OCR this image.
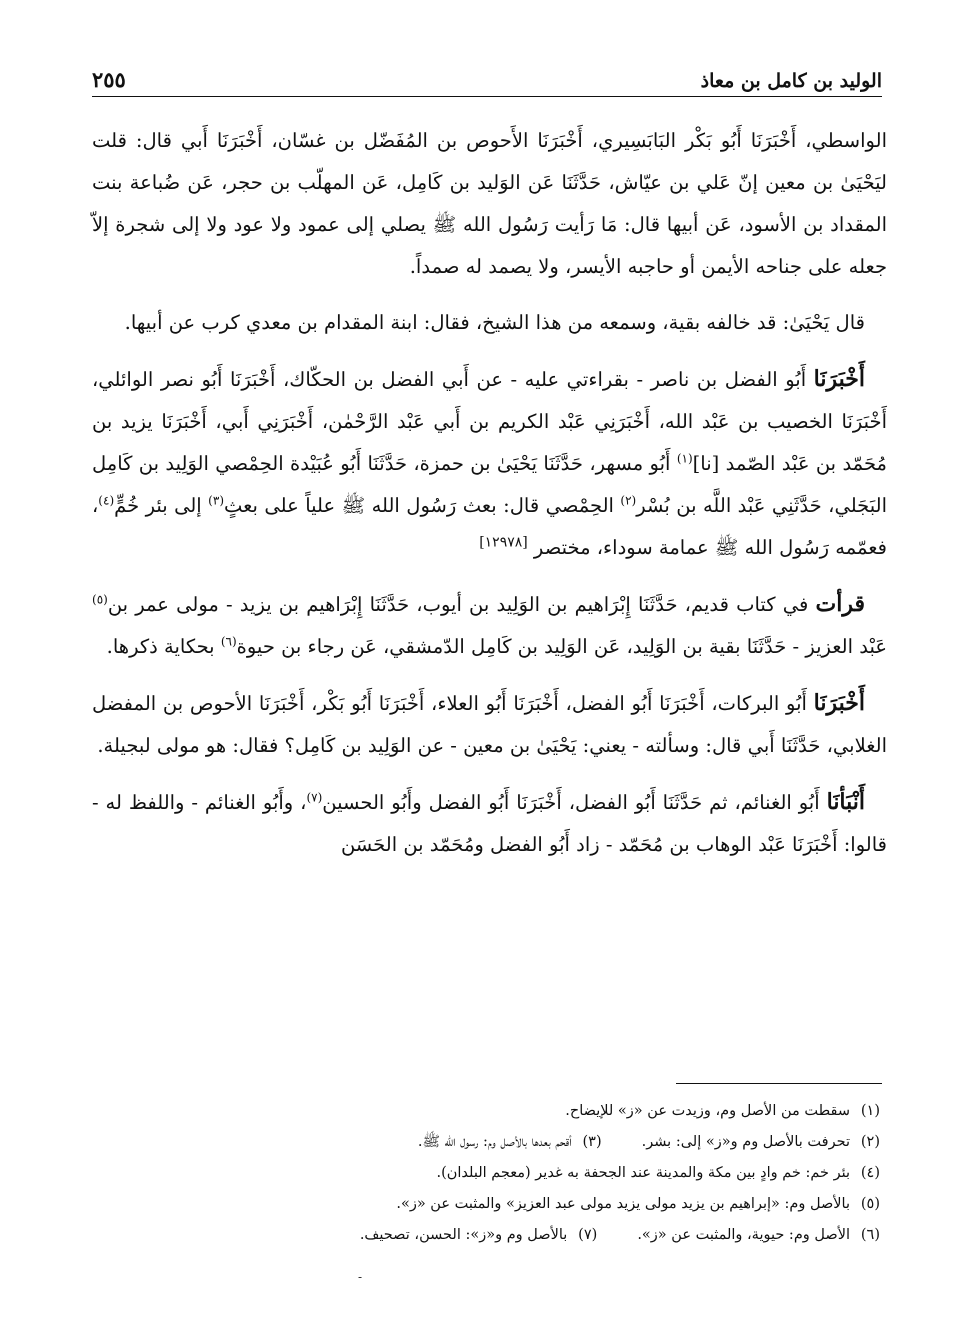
الوليد بن كامل بن معاذ
٢٥٥

الواسطي، أَخْبَرَنَا أَبُو بَكْر البَابَسِيري، أَخْبَرَنَا الأَحوص بن المُفَضّل بن غسّان، أَخْبَرَنَا أَبي قال: قلت ليَحْيَىٰ بن معين إنّ عَلي بن عيّاش، حَدَّثَنَا عَن الوَليد بن كَامِل، عَن المهلّب بن حجر، عَن ضُباعة بنت المقداد بن الأسود، عَن أبيها قال: مَا رَأيت رَسُول الله ﷺ يصلي إلى عمود ولا عود ولا إلى شجرة إلاّ جعله على جناحه الأيمن أو حاجبه الأيسر، ولا يصمد له صمداً.

قال يَحْيَىٰ: قد خالفه بقية، وسمعه من هذا الشيخ، فقال: ابنة المقدام بن معدي كرب عن أبيها.

أَخْبَرَنَا أَبُو الفضل بن ناصر - بقراءتي عليه - عن أَبي الفضل بن الحكّاك، أَخْبَرَنَا أَبُو نصر الوائلي، أَخْبَرَنَا الخصيب بن عَبْد الله، أَخْبَرَنِي عَبْد الكريم بن أَبي عَبْد الرَّحْمٰن، أَخْبَرَنِي أَبي، أَخْبَرَنَا يزيد بن مُحَمّد بن عَبْد الصّمد [نا]$^{(١)}$ أَبُو مسهر، حَدَّثَنَا يَحْيَىٰ بن حمزة، حَدَّثَنَا أَبُو عُبَيْدة الحِمْصي الوَلِيد بن كَامِل البَجَلي، حَدَّثَنِي عَبْد اللَّه بن بُسْر$^{(٢)}$ الحِمْصي قال: بعث رَسُول الله ﷺ علياً على بعثٍ$^{(٣)}$ إلى بئر خُمٍّ$^{(٤)}$، فعمّمه رَسُول الله ﷺ عمامة سوداء، مختصر [١٢٩٧٨]

قرأت في كتاب قديم، حَدَّثَنَا إِبْرَاهيم بن الوَلِيد بن أيوب، حَدَّثَنَا إِبْرَاهيم بن يزيد - مولى عمر بن$^{(٥)}$ عَبْد العزيز - حَدَّثَنَا بقية بن الوَلِيد، عَن الوَلِيد بن كَامِل الدّمشقي، عَن رجاء بن حيوة$^{(٦)}$ بحكاية ذكرها.

أَخْبَرَنَا أَبُو البركات، أَخْبَرَنَا أَبُو الفضل، أَخْبَرَنَا أَبُو العلاء، أَخْبَرَنَا أَبُو بَكْر، أَخْبَرَنَا الأحوص بن المفضل الغلابي، حَدَّثَنَا أَبي قال: وسألته - يعني: يَحْيَىٰ بن معين - عن الوَلِيد بن كَامِل؟ فقال: هو مولى لبجيلة.

أَنْبَأنَا أَبُو الغنائم، ثم حَدَّثَنَا أَبُو الفضل، أَخْبَرَنَا أَبُو الفضل وأَبُو الحسين$^{(٧)}$، وأَبُو الغنائم - واللفظ له - قالوا: أَخْبَرَنَا عَبْد الوهاب بن مُحَمّد - زاد أَبُو الفضل ومُحَمّد بن الحَسَن

(١)
سقطت من الأصل وم، وزيدت عن «ز» للإيضاح.
(٢)
تحرفت بالأصل وم و«ز» إلى: بشر.
(٣)
أقحم بعدها بالأصل وم: رسول الله ﷺ.
(٤)
بئر خم: خم وادٍ بين مكة والمدينة عند الجحفة به غدير (معجم البلدان).
(٥)
بالأصل وم: «إبراهيم بن يزيد مولى يزيد مولى عبد العزيز» والمثبت عن «ز».
(٦)
الأصل وم: حيوية، والمثبت عن «ز».
(٧)
بالأصل وم و«ز»: الحسن، تصحيف.
-
